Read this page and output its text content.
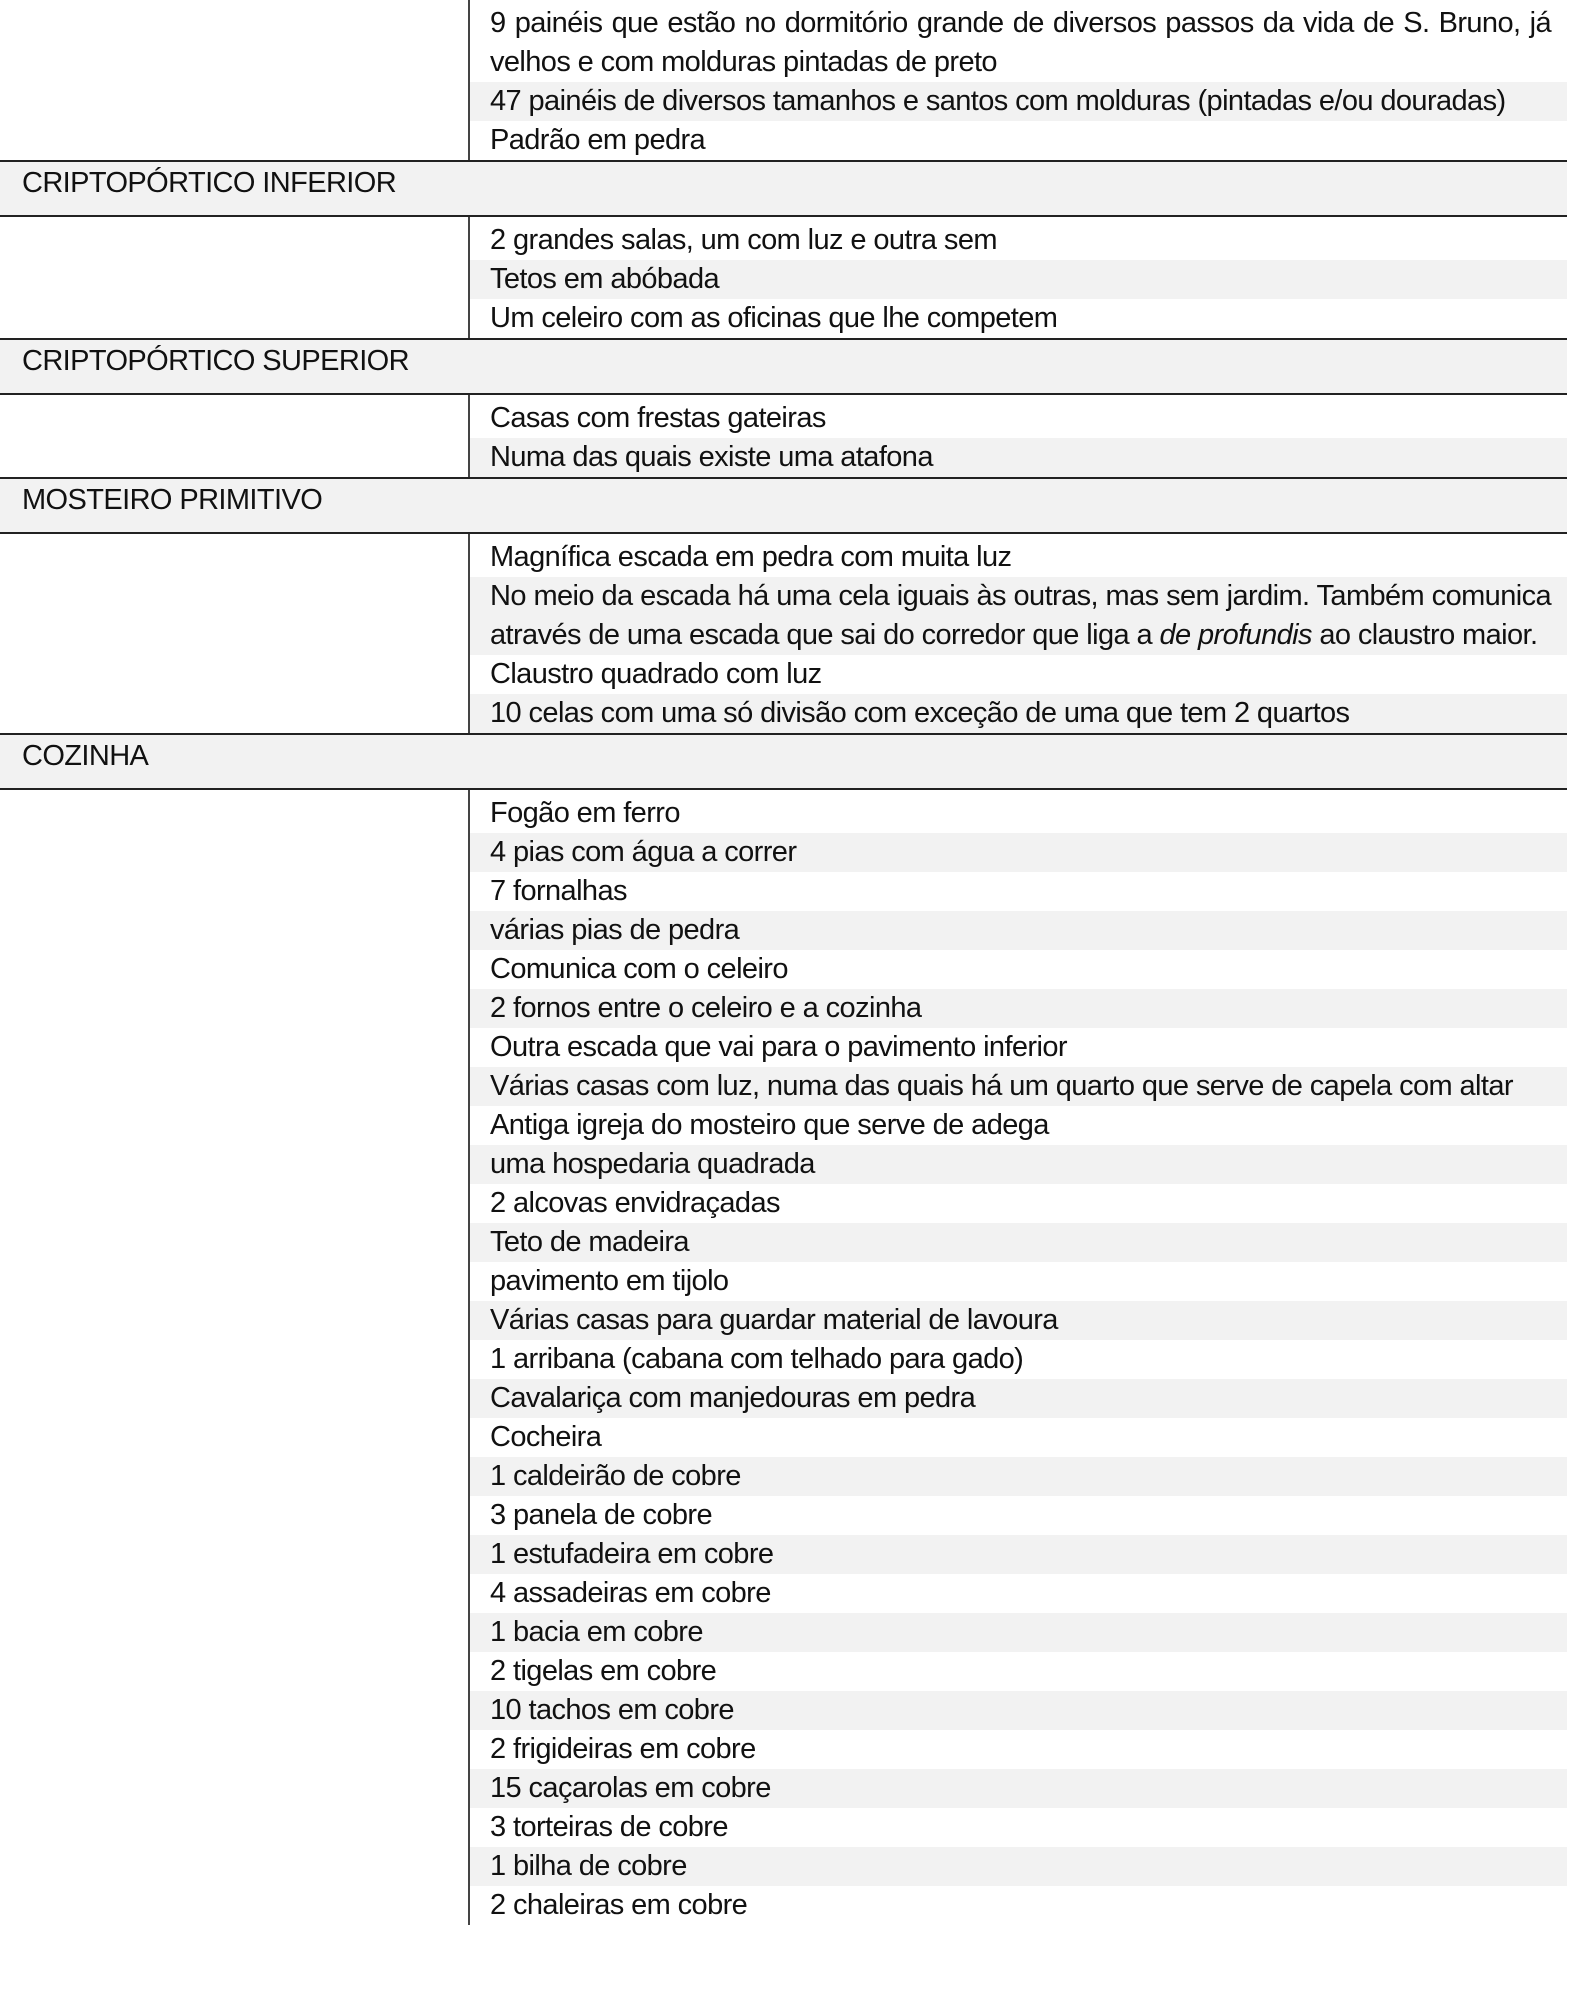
9 painéis que estão no dormitório grande de diversos passos da vida de S. Bruno, já velhos e com molduras pintadas de preto
47 painéis de diversos tamanhos e santos com molduras (pintadas e/ou douradas)
Padrão em pedra
CRIPTOPÓRTICO INFERIOR
2 grandes salas, um com luz e outra sem
Tetos em abóbada
Um celeiro com as oficinas que lhe competem
CRIPTOPÓRTICO SUPERIOR
Casas com frestas gateiras
Numa das quais existe uma atafona
MOSTEIRO PRIMITIVO
Magnífica escada em pedra com muita luz
No meio da escada há uma cela iguais às outras, mas sem jardim. Também comunica através de uma escada que sai do corredor que liga a de profundis ao claustro maior.
Claustro quadrado com luz
10 celas com uma só divisão com exceção de uma que tem 2 quartos
COZINHA
Fogão em ferro
4 pias com água a correr
7 fornalhas
várias pias de pedra
Comunica com o celeiro
2 fornos entre o celeiro e a cozinha
Outra escada que vai para o pavimento inferior
Várias casas com luz, numa das quais há um quarto que serve de capela com altar
Antiga igreja do mosteiro que serve de adega
uma hospedaria quadrada
2 alcovas envidraçadas
Teto de madeira
pavimento em tijolo
Várias casas para guardar material de lavoura
1 arribana (cabana com telhado para gado)
Cavalariça com manjedouras em pedra
Cocheira
1 caldeirão de cobre
3 panela de cobre
1 estufadeira em cobre
4 assadeiras em cobre
1 bacia em cobre
2 tigelas em cobre
10 tachos em cobre
2 frigideiras em cobre
15 caçarolas em cobre
3 torteiras de cobre
1 bilha de cobre
2 chaleiras em cobre
